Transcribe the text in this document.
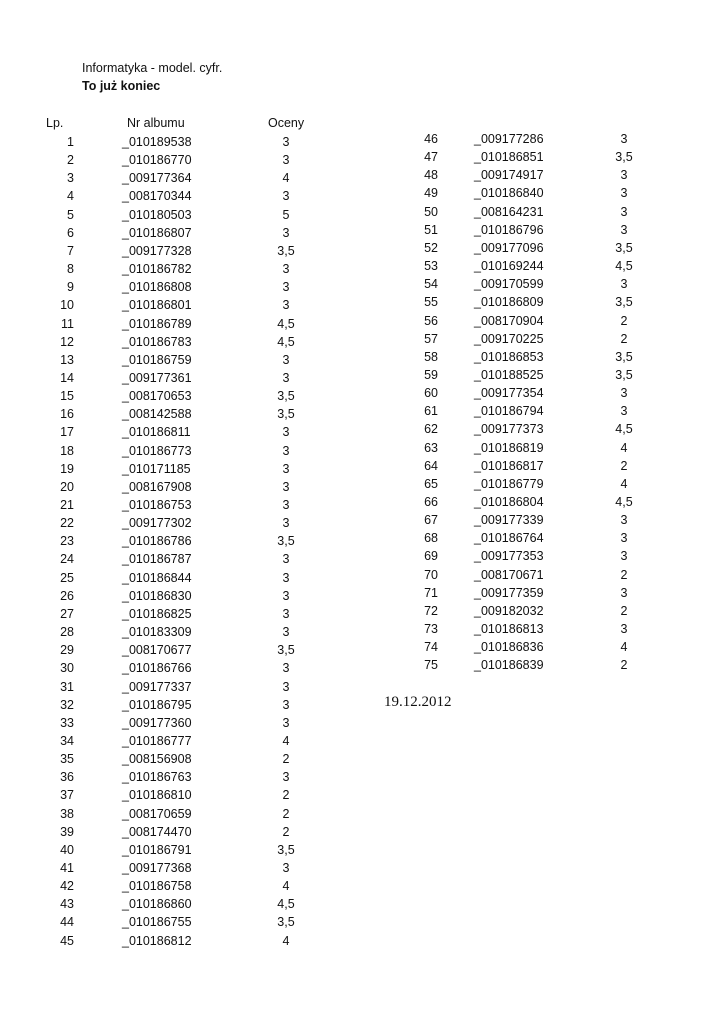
Informatyka - model. cyfr.
To już koniec
Lp.	Nr albumu	Oceny
1	_010189538	3
2	_010186770	3
3	_009177364	4
4	_008170344	3
5	_010180503	5
6	_010186807	3
7	_009177328	3,5
8	_010186782	3
9	_010186808	3
10	_010186801	3
11	_010186789	4,5
12	_010186783	4,5
13	_010186759	3
14	_009177361	3
15	_008170653	3,5
16	_008142588	3,5
17	_010186811	3
18	_010186773	3
19	_010171185	3
20	_008167908	3
21	_010186753	3
22	_009177302	3
23	_010186786	3,5
24	_010186787	3
25	_010186844	3
26	_010186830	3
27	_010186825	3
28	_010183309	3
29	_008170677	3,5
30	_010186766	3
31	_009177337	3
32	_010186795	3
33	_009177360	3
34	_010186777	4
35	_008156908	2
36	_010186763	3
37	_010186810	2
38	_008170659	2
39	_008174470	2
40	_010186791	3,5
41	_009177368	3
42	_010186758	4
43	_010186860	4,5
44	_010186755	3,5
45	_010186812	4
46	_009177286	3
47	_010186851	3,5
48	_009174917	3
49	_010186840	3
50	_008164231	3
51	_010186796	3
52	_009177096	3,5
53	_010169244	4,5
54	_009170599	3
55	_010186809	3,5
56	_008170904	2
57	_009170225	2
58	_010186853	3,5
59	_010188525	3,5
60	_009177354	3
61	_010186794	3
62	_009177373	4,5
63	_010186819	4
64	_010186817	2
65	_010186779	4
66	_010186804	4,5
67	_009177339	3
68	_010186764	3
69	_009177353	3
70	_008170671	2
71	_009177359	3
72	_009182032	2
73	_010186813	3
74	_010186836	4
75	_010186839	2
19.12.2012
